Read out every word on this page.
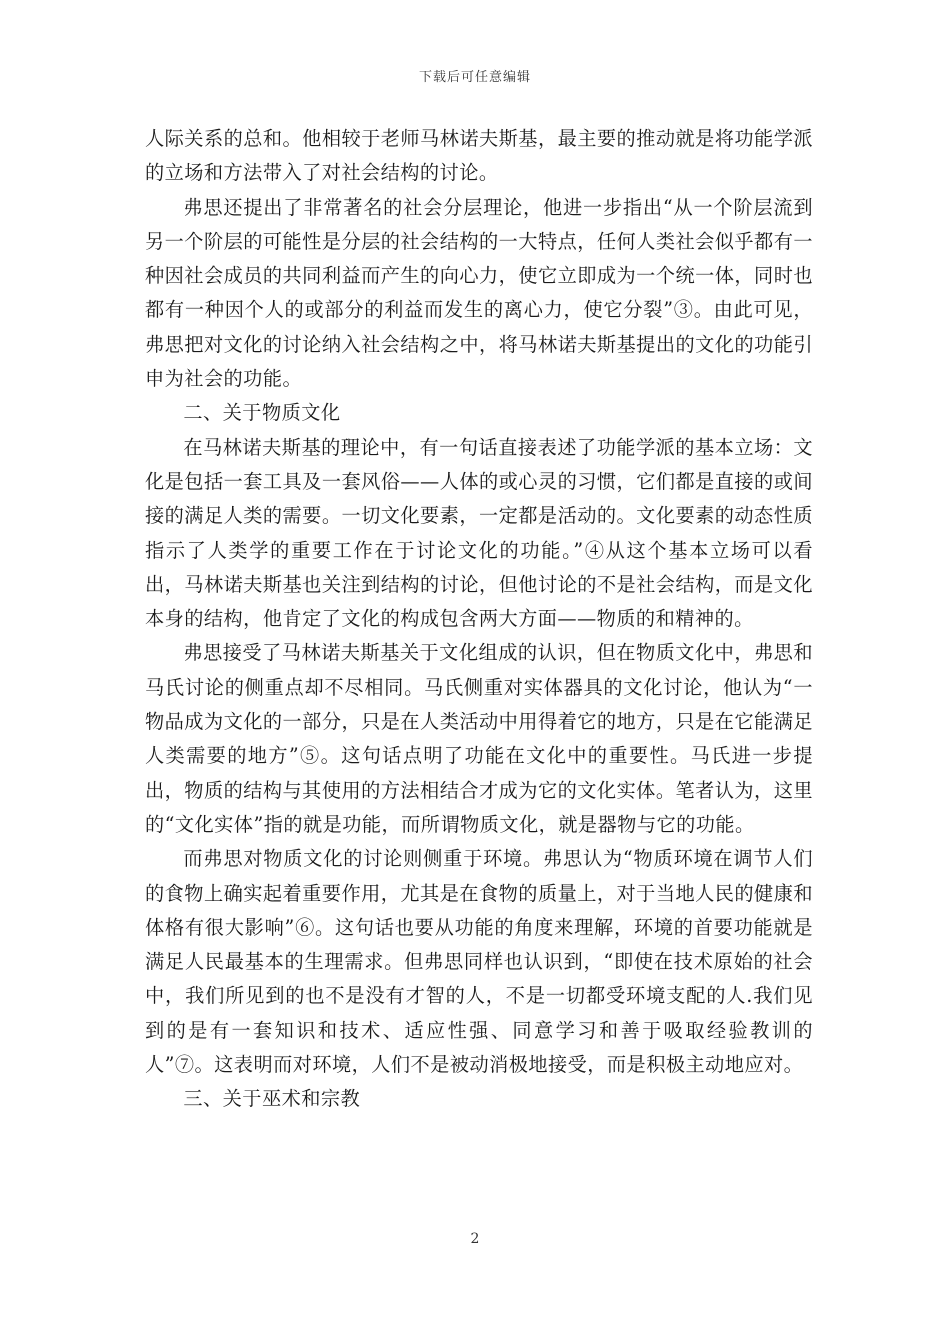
下载后可任意编辑

人际关系的总和。他相较于老师马林诺夫斯基，最主要的推动就是将功能学派的立场和方法带入了对社会结构的讨论。

弗思还提出了非常著名的社会分层理论，他进一步指出“从一个阶层流到另一个阶层的可能性是分层的社会结构的一大特点，任何人类社会似乎都有一种因社会成员的共同利益而产生的向心力，使它立即成为一个统一体，同时也都有一种因个人的或部分的利益而发生的离心力，使它分裂”③。由此可见，弗思把对文化的讨论纳入社会结构之中，将马林诺夫斯基提出的文化的功能引申为社会的功能。

二、关于物质文化

在马林诺夫斯基的理论中，有一句话直接表述了功能学派的基本立场：文化是包括一套工具及一套风俗——人体的或心灵的习惯，它们都是直接的或间接的满足人类的需要。一切文化要素，一定都是活动的。文化要素的动态性质指示了人类学的重要工作在于讨论文化的功能。”④从这个基本立场可以看出，马林诺夫斯基也关注到结构的讨论，但他讨论的不是社会结构，而是文化本身的结构，他肯定了文化的构成包含两大方面——物质的和精神的。

弗思接受了马林诺夫斯基关于文化组成的认识，但在物质文化中，弗思和马氏讨论的侧重点却不尽相同。马氏侧重对实体器具的文化讨论，他认为“一物品成为文化的一部分，只是在人类活动中用得着它的地方，只是在它能满足人类需要的地方”⑤。这句话点明了功能在文化中的重要性。马氏进一步提出，物质的结构与其使用的方法相结合才成为它的文化实体。笔者认为，这里的“文化实体”指的就是功能，而所谓物质文化，就是器物与它的功能。

而弗思对物质文化的讨论则侧重于环境。弗思认为“物质环境在调节人们的食物上确实起着重要作用，尤其是在食物的质量上，对于当地人民的健康和体格有很大影响”⑥。这句话也要从功能的角度来理解，环境的首要功能就是满足人民最基本的生理需求。但弗思同样也认识到，“即使在技术原始的社会中，我们所见到的也不是没有才智的人，不是一切都受环境支配的人.我们见到的是有一套知识和技术、适应性强、同意学习和善于吸取经验教训的人”⑦。这表明而对环境，人们不是被动消极地接受，而是积极主动地应对。

三、关于巫术和宗教

2
